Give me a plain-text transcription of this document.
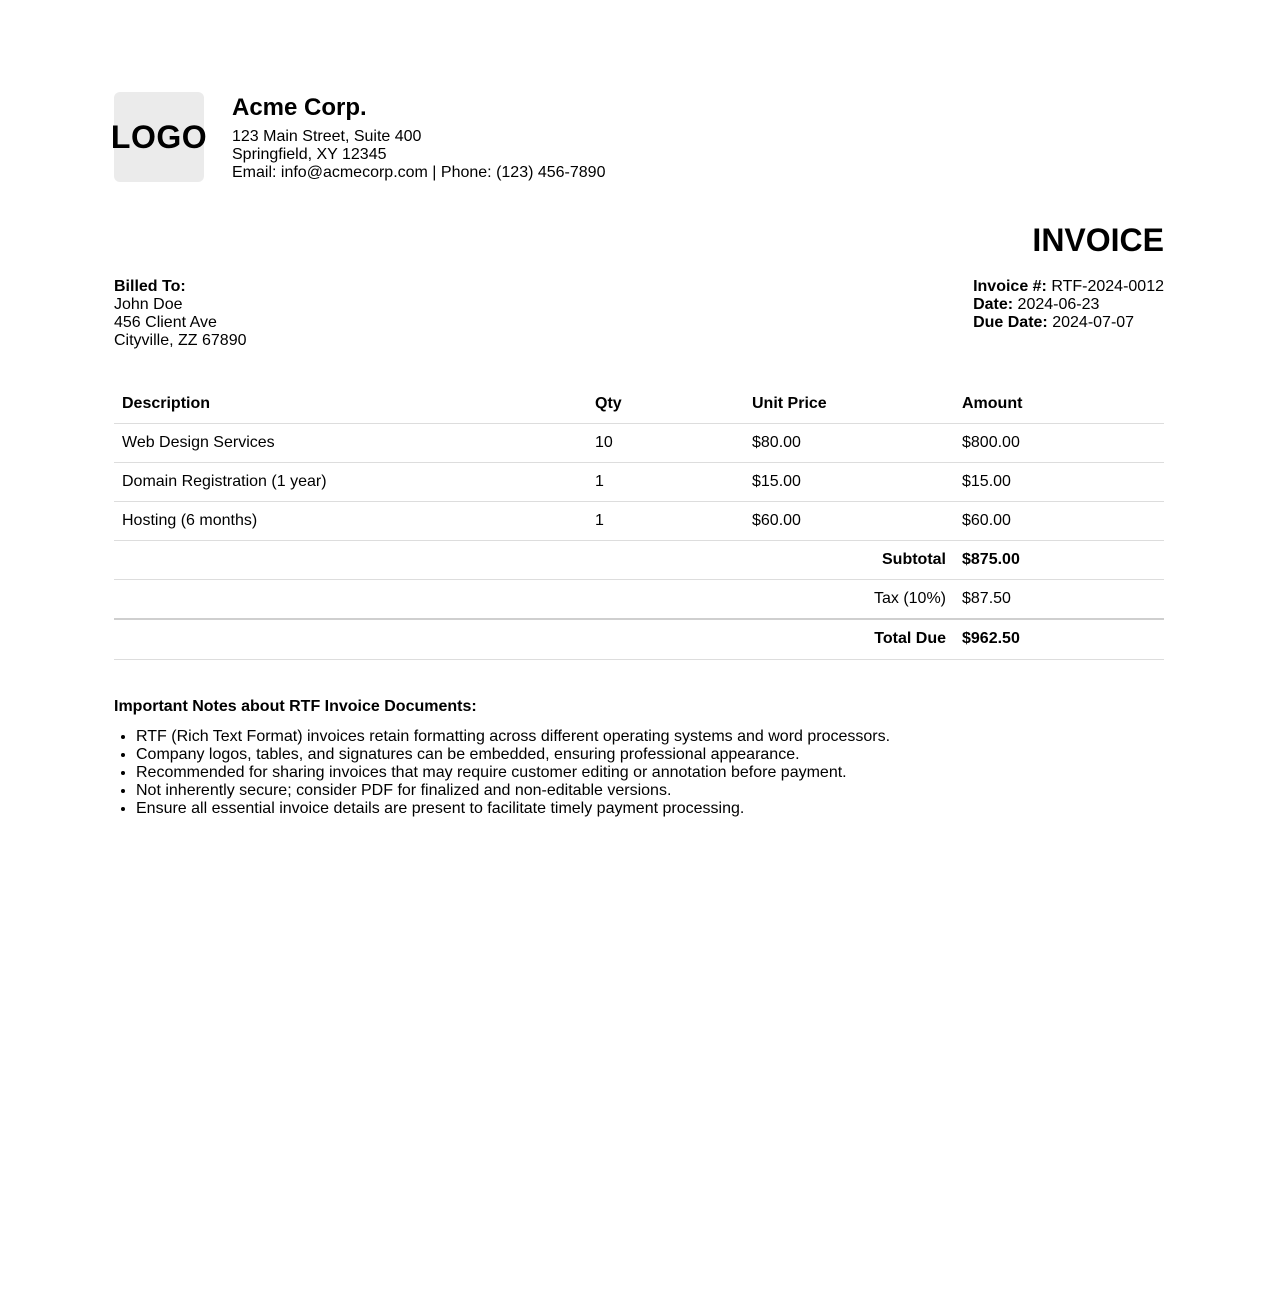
LOGO
Acme Corp.
123 Main Street, Suite 400
Springfield, XY 12345
Email: info@acmecorp.com | Phone: (123) 456-7890
INVOICE
Billed To:
John Doe
456 Client Ave
Cityville, ZZ 67890
Invoice #: RTF-2024-0012
Date: 2024-06-23
Due Date: 2024-07-07
Description	Qty	Unit Price	Amount
Web Design Services	10	$80.00	$800.00
Domain Registration (1 year)	1	$15.00	$15.00
Hosting (6 months)	1	$60.00	$60.00
Subtotal			$875.00
Tax (10%)			$87.50
Total Due			$962.50
Important Notes about RTF Invoice Documents:
• RTF (Rich Text Format) invoices retain formatting across different operating systems and word processors.
• Company logos, tables, and signatures can be embedded, ensuring professional appearance.
• Recommended for sharing invoices that may require customer editing or annotation before payment.
• Not inherently secure; consider PDF for finalized and non-editable versions.
• Ensure all essential invoice details are present to facilitate timely payment processing.
